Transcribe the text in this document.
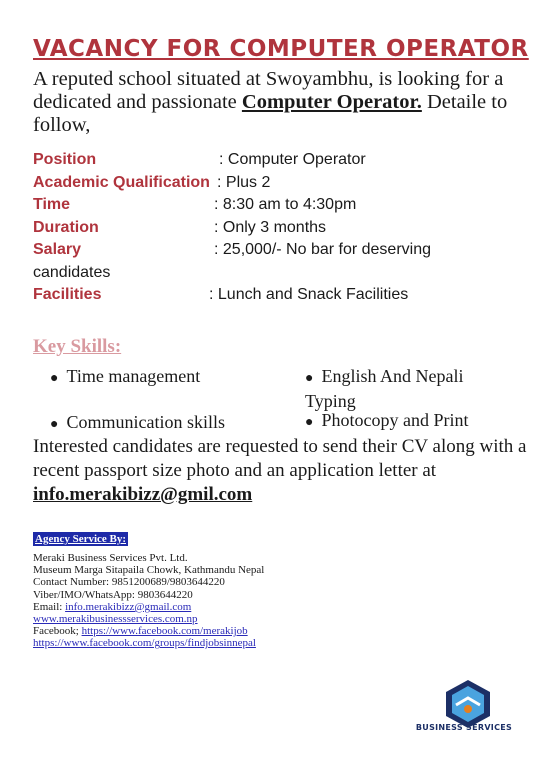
VACANCY FOR COMPUTER OPERATOR
A reputed school situated at Swoyambhu, is looking for a dedicated and passionate Computer Operator. Detaile to follow,
Position	: Computer Operator
Academic Qualification : Plus 2
Time	: 8:30 am to 4:30pm
Duration	: Only 3 months
Salary	: 25,000/- No bar for deserving
candidates
Facilities	: Lunch and Snack Facilities
Key Skills:
● Time management	● English And Nepali Typing
● Communication skills	● Photocopy and Print
Interested candidates are requested to send their CV along with a recent passport size photo and an application letter at
info.merakibizz@gmil.com
Agency Service By:
Meraki Business Services Pvt. Ltd.
Museum Marga Sitapaila Chowk, Kathmandu Nepal
Contact Number: 9851200689/9803644220
Viber/IMO/WhatsApp: 9803644220
Email: info.merakibizz@gmail.com
www.merakibusinessservices.com.np
Facebook; https://www.facebook.com/merakijob
https://www.facebook.com/groups/findjobsinnepal
BUSINESS SERVICES
